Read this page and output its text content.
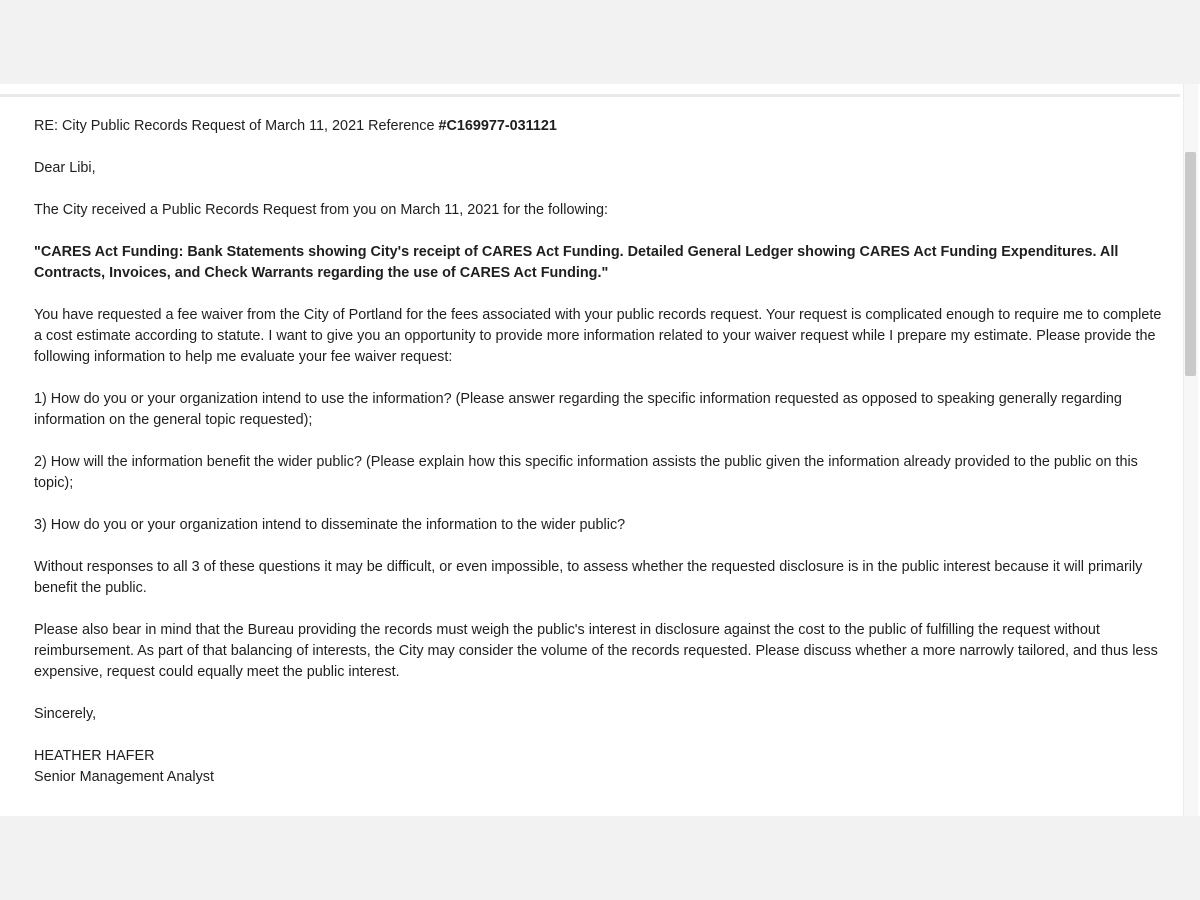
RE: City Public Records Request of March 11, 2021 Reference #C169977-031121

Dear Libi,

The City received a Public Records Request from you on March 11, 2021 for the following:

"CARES Act Funding: Bank Statements showing City's receipt of CARES Act Funding. Detailed General Ledger showing CARES Act Funding Expenditures. All Contracts, Invoices, and Check Warrants regarding the use of CARES Act Funding."

You have requested a fee waiver from the City of Portland for the fees associated with your public records request. Your request is complicated enough to require me to complete a cost estimate according to statute. I want to give you an opportunity to provide more information related to your waiver request while I prepare my estimate. Please provide the following information to help me evaluate your fee waiver request:

1) How do you or your organization intend to use the information? (Please answer regarding the specific information requested as opposed to speaking generally regarding information on the general topic requested);

2) How will the information benefit the wider public? (Please explain how this specific information assists the public given the information already provided to the public on this topic);

3) How do you or your organization intend to disseminate the information to the wider public?

Without responses to all 3 of these questions it may be difficult, or even impossible, to assess whether the requested disclosure is in the public interest because it will primarily benefit the public.

Please also bear in mind that the Bureau providing the records must weigh the public's interest in disclosure against the cost to the public of fulfilling the request without reimbursement. As part of that balancing of interests, the City may consider the volume of the records requested. Please discuss whether a more narrowly tailored, and thus less expensive, request could equally meet the public interest.

Sincerely,

HEATHER HAFER
Senior Management Analyst
